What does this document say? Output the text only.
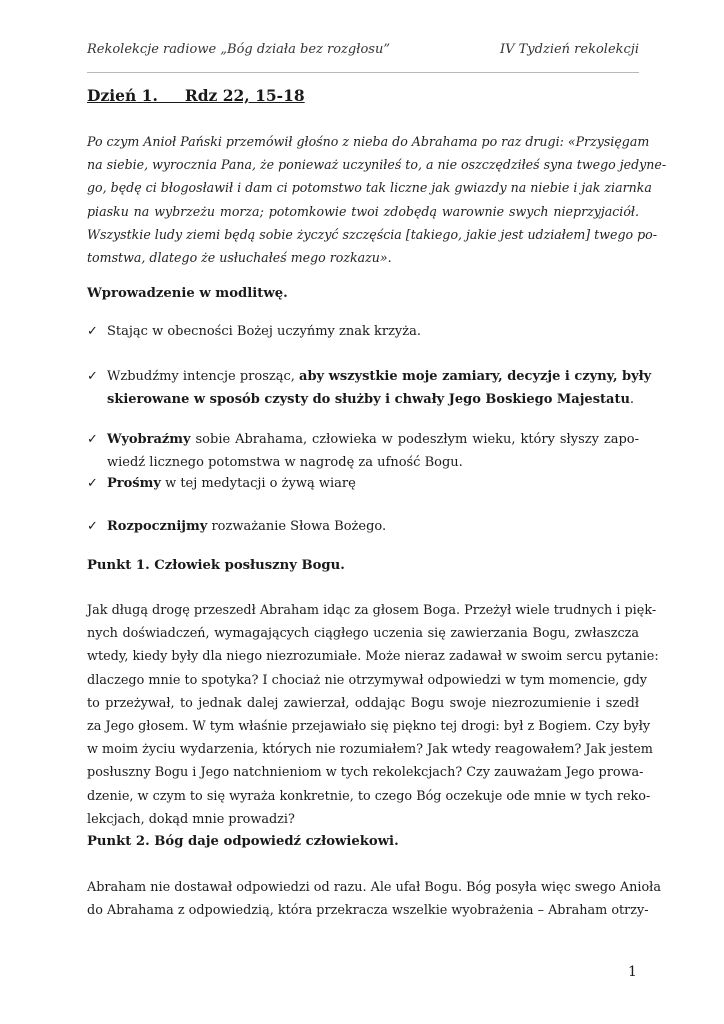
Rekolekcje radiowe „Bóg działa bez rozgłosu”	IV Tydzień rekolekcji
Dzień 1.     Rdz 22, 15-18
Po czym Anioł Pański przemówił głośno z nieba do Abrahama po raz drugi: «Przysięgam
na siebie, wyrocznia Pana, że ponieważ uczyniłeś to, a nie oszczędziłeś syna twego jedyne-
go, będę ci błogosławił i dam ci potomstwo tak liczne jak gwiazdy na niebie i jak ziarnka
piasku na wybrzeżu morza; potomkowie twoi zdobędą warownie swych nieprzyjaciół.
Wszystkie ludy ziemi będą sobie życzyć szczęścia [takiego, jakie jest udziałem] twego po-
tomstwa, dlatego że usłuchałeś mego rozkazu».
Wprowadzenie w modlitwę.
✓ Stając w obecności Bożej uczyńmy znak krzyża.
✓ Wzbudźmy intencje prosząc, aby wszystkie moje zamiary, decyzje i czyny, były
skierowane w sposób czysty do służby i chwały Jego Boskiego Majestatu.
✓ Wyobraźmy sobie Abrahama, człowieka w podeszłym wieku, który słyszy zapo-
wiedź licznego potomstwa w nagrodę za ufność Bogu.
✓ Prośmy w tej medytacji o żywą wiarę
✓ Rozpocznijmy rozważanie Słowa Bożego.
Punkt 1. Człowiek posłuszny Bogu.
Jak długą drogę przeszedł Abraham idąc za głosem Boga. Przeżył wiele trudnych i pięk-
nych doświadczeń, wymagających ciągłego uczenia się zawierzania Bogu, zwłaszcza
wtedy, kiedy były dla niego niezrozumiałe. Może nieraz zadawał w swoim sercu pytanie:
dlaczego mnie to spotyka? I chociaż nie otrzymywał odpowiedzi w tym momencie, gdy
to przeżywał, to jednak dalej zawierzał, oddając Bogu swoje niezrozumienie i szedł
za Jego głosem. W tym właśnie przejawiało się piękno tej drogi: był z Bogiem. Czy były
w moim życiu wydarzenia, których nie rozumiałem? Jak wtedy reagowałem? Jak jestem
posłuszny Bogu i Jego natchnieniom w tych rekolekcjach? Czy zauważam Jego prowa-
dzenie, w czym to się wyraża konkretnie, to czego Bóg oczekuje ode mnie w tych reko-
lekcjach, dokąd mnie prowadzi?
Punkt 2. Bóg daje odpowiedź człowiekowi.
Abraham nie dostawał odpowiedzi od razu. Ale ufał Bogu. Bóg posyła więc swego Anioła
do Abrahama z odpowiedzią, która przekracza wszelkie wyobrażenia – Abraham otrzy-
1
